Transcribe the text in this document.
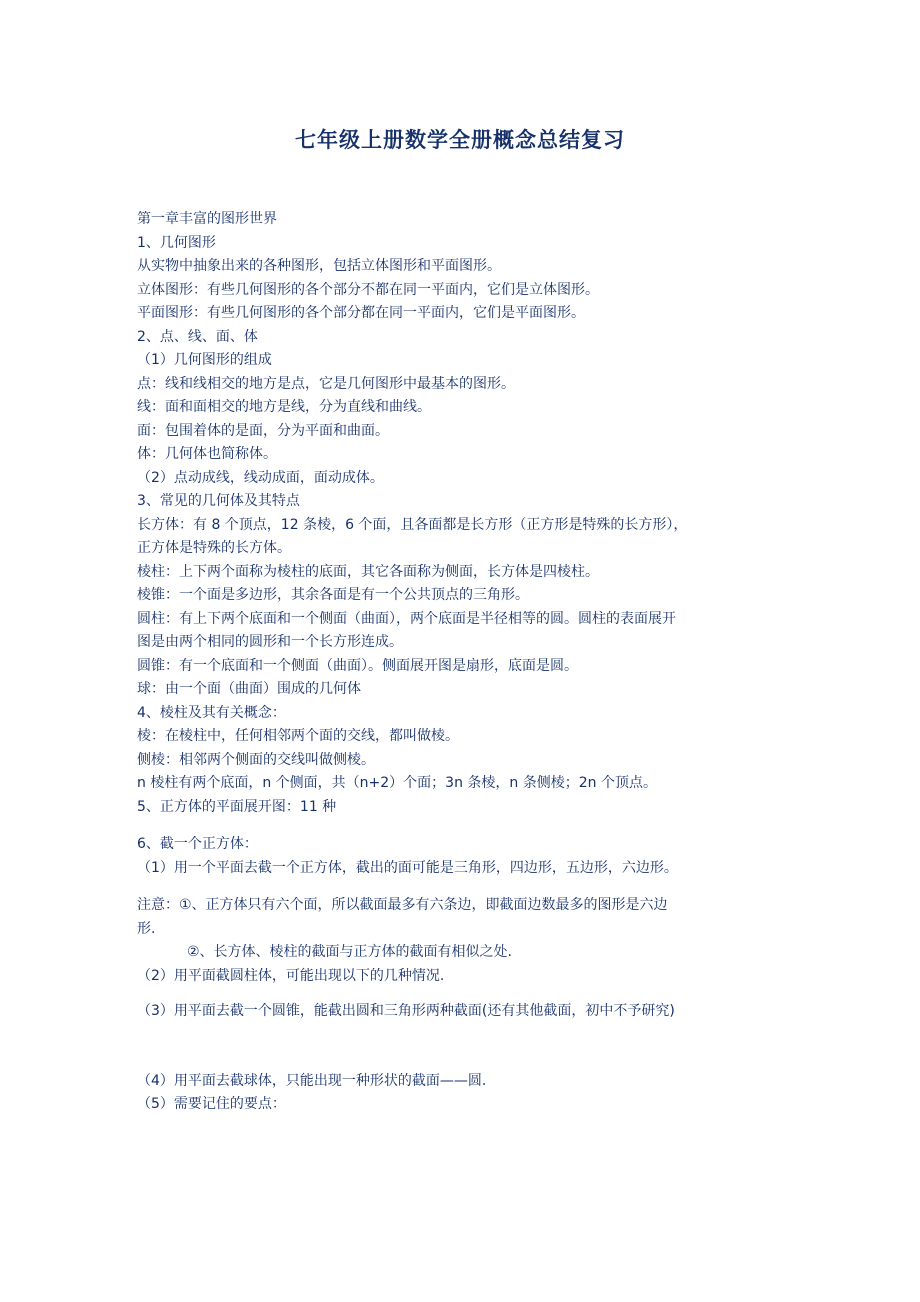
七年级上册数学全册概念总结复习
第一章丰富的图形世界
1、几何图形
从实物中抽象出来的各种图形，包括立体图形和平面图形。
立体图形：有些几何图形的各个部分不都在同一平面内，它们是立体图形。
平面图形：有些几何图形的各个部分都在同一平面内，它们是平面图形。
2、点、线、面、体
（1）几何图形的组成
点：线和线相交的地方是点，它是几何图形中最基本的图形。
线：面和面相交的地方是线，分为直线和曲线。
面：包围着体的是面，分为平面和曲面。
体：几何体也简称体。
（2）点动成线，线动成面，面动成体。
3、常见的几何体及其特点
长方体：有 8 个顶点，12 条棱，6 个面，且各面都是长方形（正方形是特殊的长方形），
正方体是特殊的长方体。
棱柱：上下两个面称为棱柱的底面，其它各面称为侧面，长方体是四棱柱。
棱锥：一个面是多边形，其余各面是有一个公共顶点的三角形。
圆柱：有上下两个底面和一个侧面（曲面），两个底面是半径相等的圆。圆柱的表面展开
图是由两个相同的圆形和一个长方形连成。
圆锥：有一个底面和一个侧面（曲面）。侧面展开图是扇形，底面是圆。
球：由一个面（曲面）围成的几何体
4、棱柱及其有关概念：
棱：在棱柱中，任何相邻两个面的交线，都叫做棱。
侧棱：相邻两个侧面的交线叫做侧棱。
n 棱柱有两个底面，n 个侧面，共（n+2）个面；3n 条棱，n 条侧棱；2n 个顶点。
5、正方体的平面展开图：11 种
6、截一个正方体：
（1）用一个平面去截一个正方体，截出的面可能是三角形，四边形，五边形，六边形。
注意：①、正方体只有六个面，所以截面最多有六条边，即截面边数最多的图形是六边
形.
②、长方体、棱柱的截面与正方体的截面有相似之处.
（2）用平面截圆柱体，可能出现以下的几种情况.
（3）用平面去截一个圆锥，能截出圆和三角形两种截面(还有其他截面，初中不予研究)
（4）用平面去截球体，只能出现一种形状的截面——圆.
（5）需要记住的要点：
